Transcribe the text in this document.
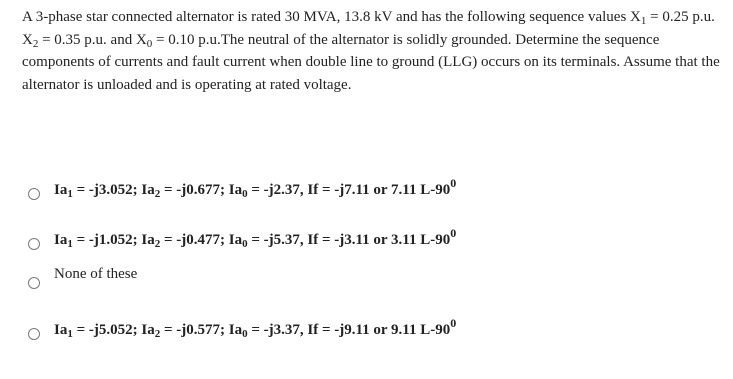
A 3-phase star connected alternator is rated 30 MVA, 13.8 kV and has the following sequence values $X_1 = 0.25$ p.u. $X_2 = 0.35$ p.u. and $X_0 = 0.10$ p.u.The neutral of the alternator is solidly grounded. Determine the sequence components of currents and fault current when double line to ground (LLG) occurs on its terminals. Assume that the alternator is unloaded and is operating at rated voltage.

$Ia_1 = -j3.052$; $Ia_2 = -j0.677$; $Ia_0 = -j2.37$, If = -j7.11 or 7.11 $L-90^0$
$Ia_1 = -j1.052$; $Ia_2 = -j0.477$; $Ia_0 = -j5.37$, If = -j3.11 or 3.11 $L-90^0$
None of these
$Ia_1 = -j5.052$; $Ia_2 = -j0.577$; $Ia_0 = -j3.37$, If = -j9.11 or 9.11 $L-90^0$
